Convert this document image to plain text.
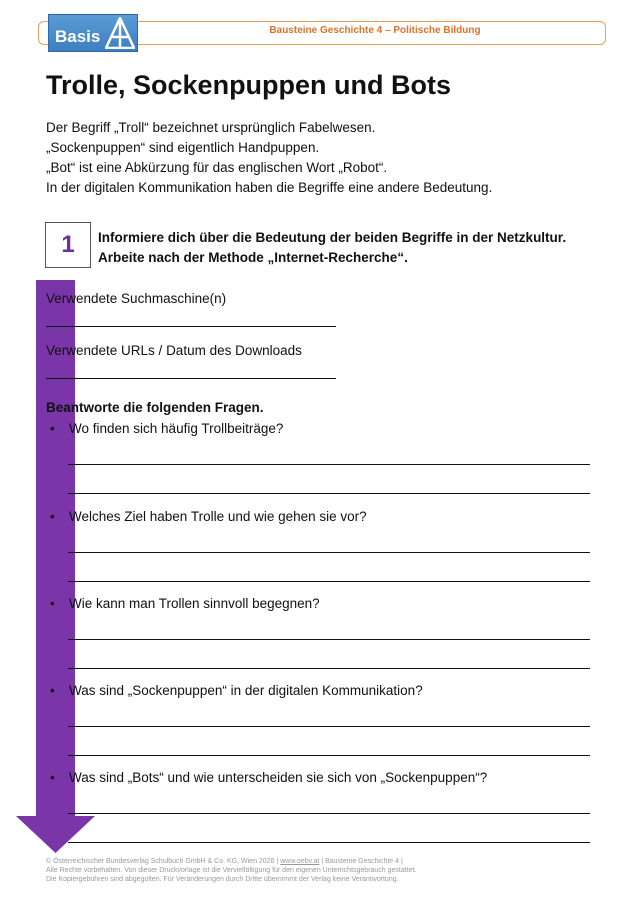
Bausteine Geschichte 4 – Politische Bildung
Basis
Trolle, Sockenpuppen und Bots

Der Begriff „Troll“ bezeichnet ursprünglich Fabelwesen.

„Sockenpuppen“ sind eigentlich Handpuppen.

„Bot“ ist eine Abkürzung für das englischen Wort „Robot“.

In der digitalen Kommunikation haben die Begriffe eine andere Bedeutung.

1	Informiere dich über die Bedeutung der beiden Begriffe in der Netzkultur.

Arbeite nach der Methode „Internet-Recherche“.

Verwendete Suchmaschine(n)
Verwendete URLs / Datum des Downloads
Beantworte die folgenden Fragen.
• Wo finden sich häufig Trollbeiträge?
• Welches Ziel haben Trolle und wie gehen sie vor?
• Wie kann man Trollen sinnvoll begegnen?
• Was sind „Sockenpuppen“ in der digitalen Kommunikation?
• Was sind „Bots“ und wie unterscheiden sie sich von „Sockenpuppen“?

© Österreichischer Bundesverlag Schulbuch GmbH & Co. KG, Wien 2026 | www.oebv.at | Bausteine Geschichte 4 |

Alle Rechte vorbehalten. Von dieser Druckvorlage ist die Vervielfältigung für den eigenen Unterrichtsgebrauch gestattet.

Die Kopiergebühren sind abgegolten. Für Veränderungen durch Dritte übernimmt der Verlag keine Verantwortung.
